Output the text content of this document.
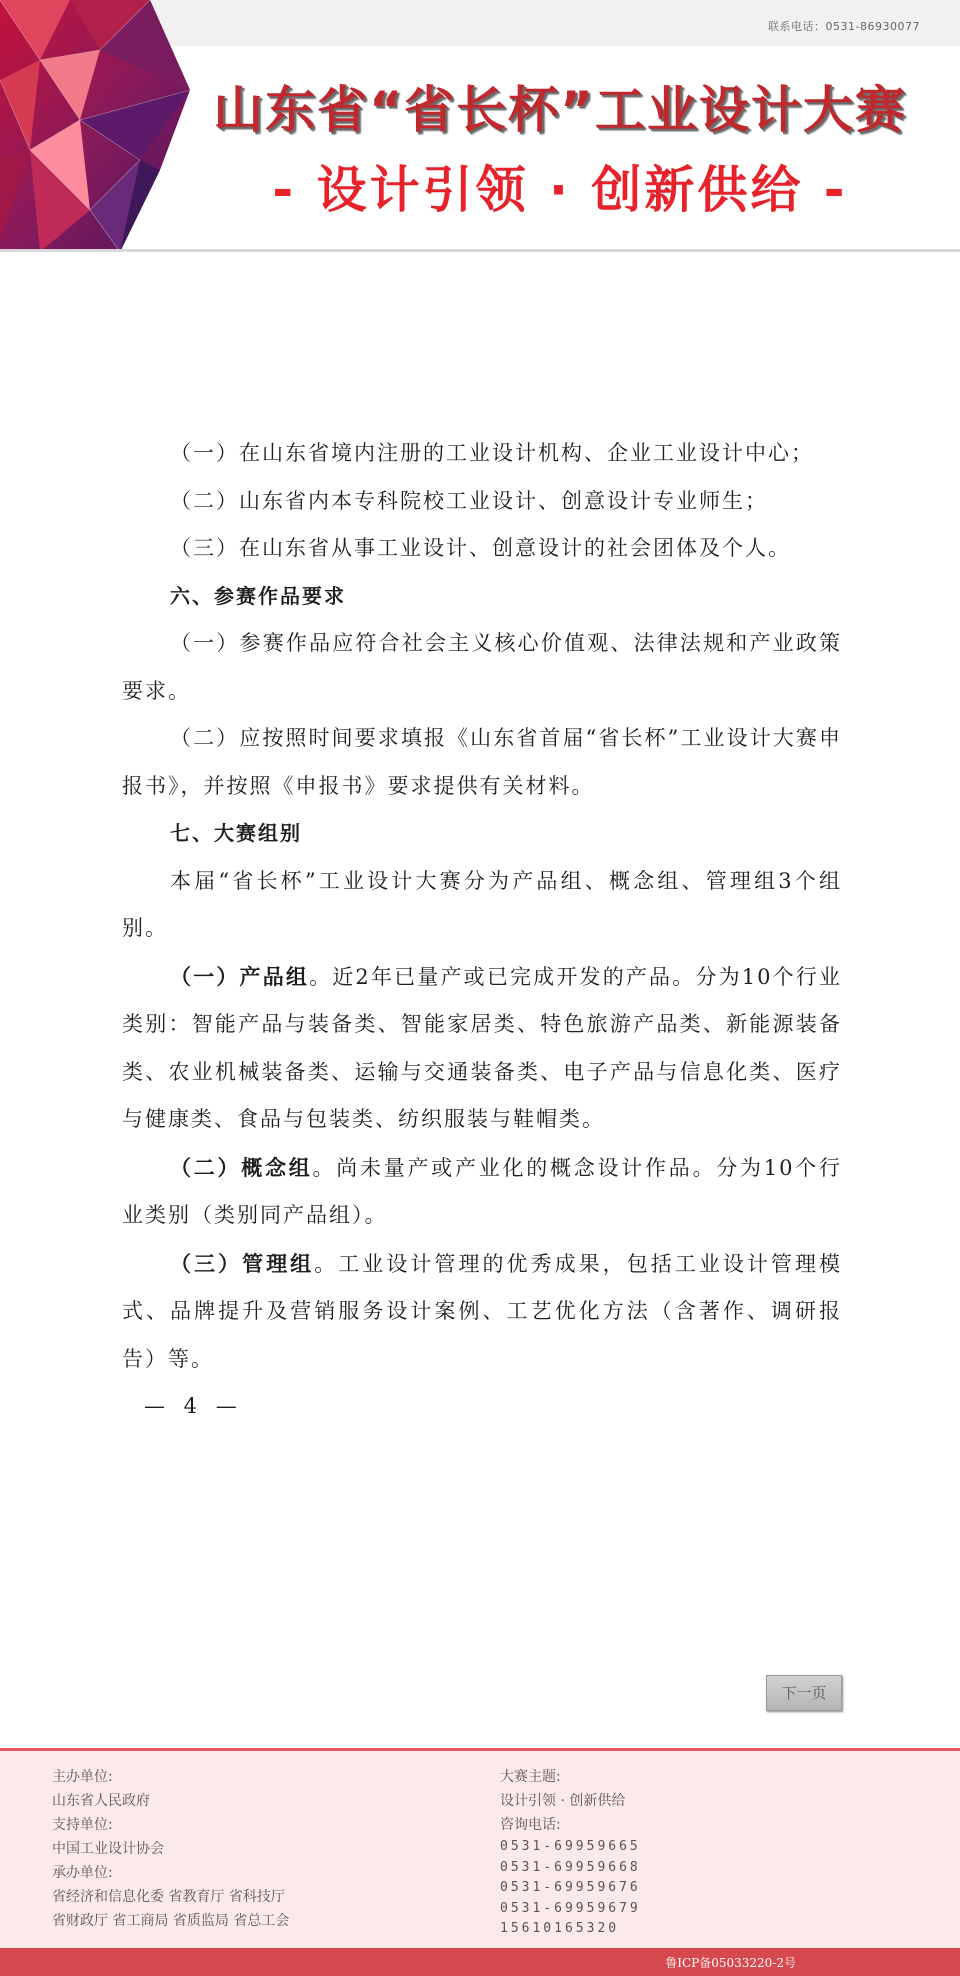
联系电话：0531-86930077
山东省“省长杯”工业设计大赛
- 设计引领 · 创新供给 -

（一）在山东省境内注册的工业设计机构、企业工业设计中心；

（二）山东省内本专科院校工业设计、创意设计专业师生；

（三）在山东省从事工业设计、创意设计的社会团体及个人。

六、参赛作品要求

（一）参赛作品应符合社会主义核心价值观、法律法规和产业政策要求。

（二）应按照时间要求填报《山东省首届“省长杯”工业设计大赛申报书》，并按照《申报书》要求提供有关材料。

七、大赛组别

本届“省长杯”工业设计大赛分为产品组、概念组、管理组3个组别。

（一）产品组。近2年已量产或已完成开发的产品。分为10个行业类别：智能产品与装备类、智能家居类、特色旅游产品类、新能源装备类、农业机械装备类、运输与交通装备类、电子产品与信息化类、医疗与健康类、食品与包装类、纺织服装与鞋帽类。

（二）概念组。尚未量产或产业化的概念设计作品。分为10个行业类别（类别同产品组）。

（三）管理组。工业设计管理的优秀成果，包括工业设计管理模式、品牌提升及营销服务设计案例、工艺优化方法（含著作、调研报告）等。

— 4 —

下一页
主办单位:
山东省人民政府
支持单位:
中国工业设计协会
承办单位:
省经济和信息化委 省教育厅 省科技厅
省财政厅 省工商局 省质监局 省总工会
大赛主题:
设计引领 · 创新供给
咨询电话:
0531-69959665
0531-69959668
0531-69959676
0531-69959679
15610165320
鲁ICP备05033220-2号
